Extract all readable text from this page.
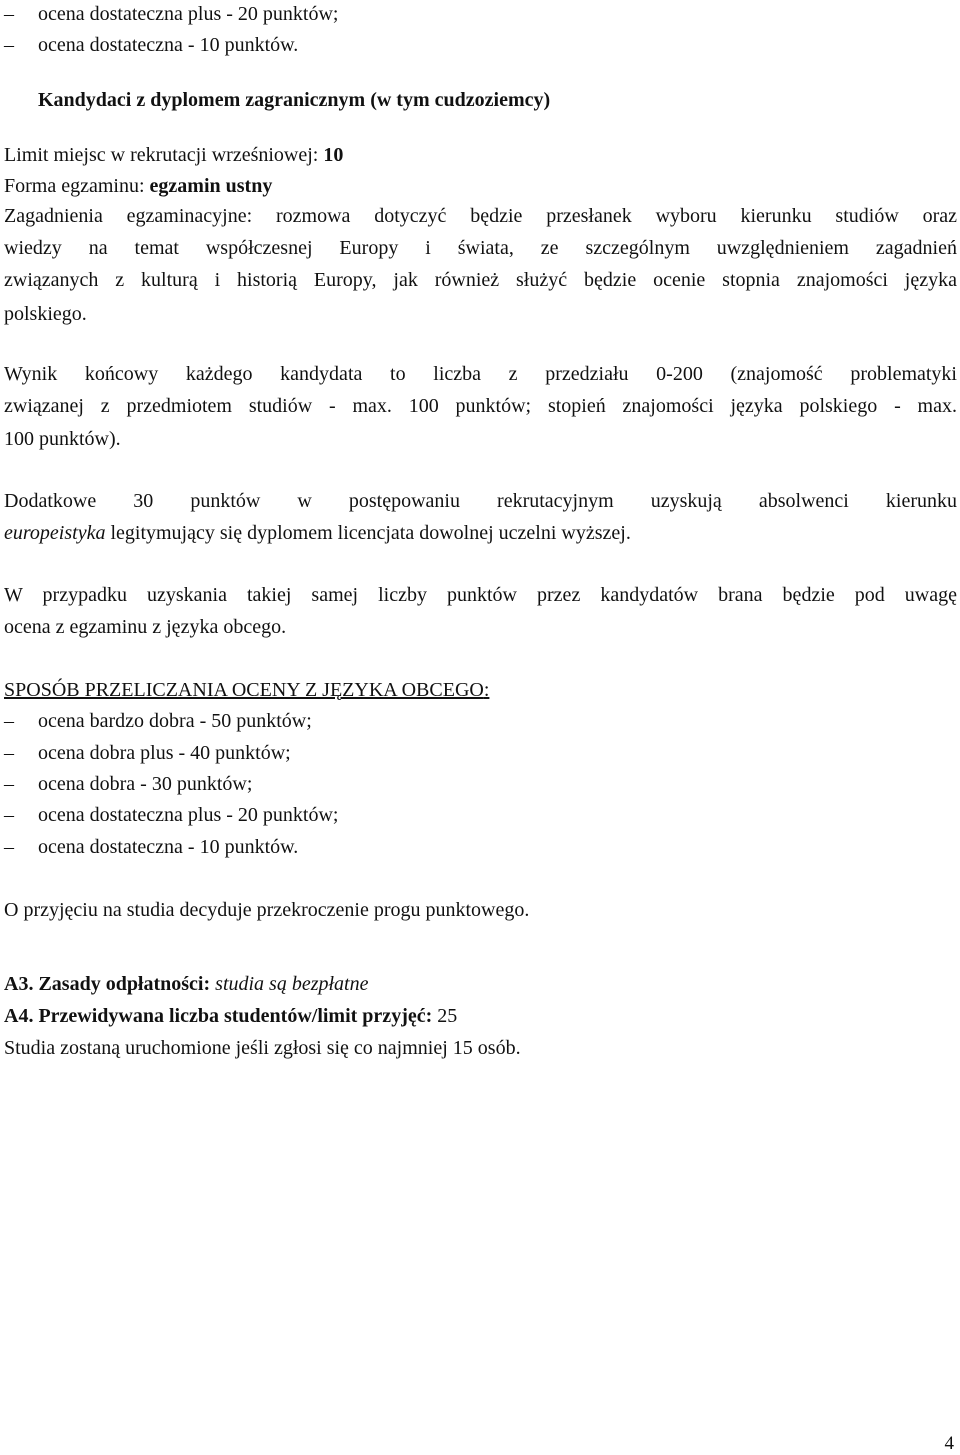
– ocena dostateczna plus - 20 punktów;
– ocena dostateczna - 10 punktów.
Kandydaci z dyplomem zagranicznym (w tym cudzoziemcy)
Limit miejsc w rekrutacji wrześniowej: 10
Forma egzaminu: egzamin ustny
Zagadnienia egzaminacyjne: rozmowa dotyczyć będzie przesłanek wyboru kierunku studiów oraz
wiedzy na temat współczesnej Europy i świata, ze szczególnym uwzględnieniem zagadnień
związanych z kulturą i historią Europy, jak również służyć będzie ocenie stopnia znajomości języka
polskiego.
Wynik końcowy każdego kandydata to liczba z przedziału 0-200 (znajomość problematyki
związanej z przedmiotem studiów - max. 100 punktów; stopień znajomości języka polskiego - max.
100 punktów).
Dodatkowe 30 punktów w postępowaniu rekrutacyjnym uzyskują absolwenci kierunku
europeistyka legitymujący się dyplomem licencjata dowolnej uczelni wyższej.
W przypadku uzyskania takiej samej liczby punktów przez kandydatów brana będzie pod uwagę
ocena z egzaminu z języka obcego.
SPOSÓB PRZELICZANIA OCENY Z JĘZYKA OBCEGO:
– ocena bardzo dobra - 50 punktów;
– ocena dobra plus - 40 punktów;
– ocena dobra - 30 punktów;
– ocena dostateczna plus - 20 punktów;
– ocena dostateczna - 10 punktów.
O przyjęciu na studia decyduje przekroczenie progu punktowego.
A3. Zasady odpłatności: studia są bezpłatne
A4. Przewidywana liczba studentów/limit przyjęć: 25
Studia zostaną uruchomione jeśli zgłosi się co najmniej 15 osób.
4
